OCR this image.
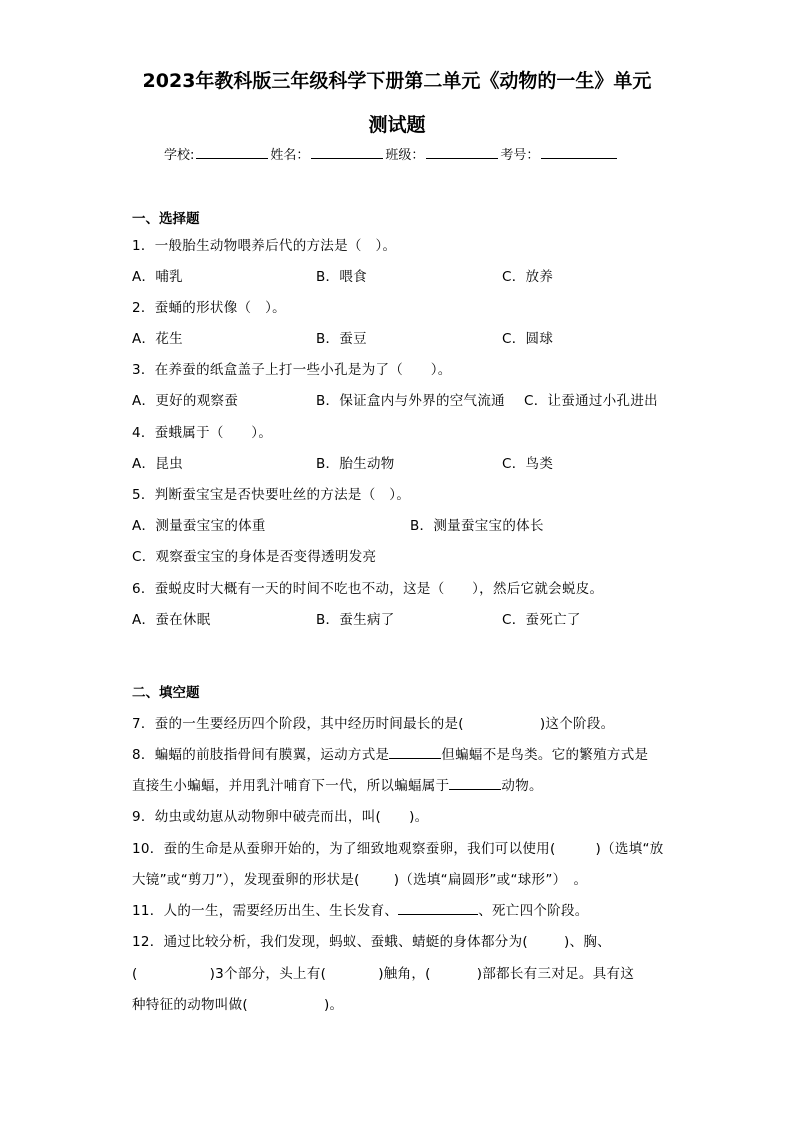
2023年教科版三年级科学下册第二单元《动物的一生》单元
测试题
学校:	姓名：	班级：	考号：
一、选择题
1．一般胎生动物喂养后代的方法是（　）。
A．哺乳	B．喂食	C．放养
2．蚕蛹的形状像（　）。
A．花生	B．蚕豆	C．圆球
3．在养蚕的纸盒盖子上打一些小孔是为了（　　）。
A．更好的观察蚕	B．保证盒内与外界的空气流通 C．让蚕通过小孔进出
4．蚕蛾属于（　　）。
A．昆虫	B．胎生动物	C．鸟类
5．判断蚕宝宝是否快要吐丝的方法是（　）。
A．测量蚕宝宝的体重	B．测量蚕宝宝的体长
C．观察蚕宝宝的身体是否变得透明发亮
6．蚕蜕皮时大概有一天的时间不吃也不动，这是（　　），然后它就会蜕皮。
A．蚕在休眠	B．蚕生病了	C．蚕死亡了
二、填空题
7．蚕的一生要经历四个阶段，其中经历时间最长的是(	)这个阶段。
8．蝙蝠的前肢指骨间有膜翼，运动方式是	但蝙蝠不是鸟类。它的繁殖方式是
直接生小蝙蝠，并用乳汁哺育下一代，所以蝙蝠属于	动物。
9．幼虫或幼崽从动物卵中破壳而出，叫( )。
10．蚕的生命是从蚕卵开始的，为了细致地观察蚕卵，我们可以使用(	)（选填“放
大镜”或“剪刀”），发现蚕卵的形状是(	)（选填“扁圆形”或“球形”）　。
11．人的一生，需要经历出生、生长发育、	、死亡四个阶段。
12．通过比较分析，我们发现，蚂蚁、蚕蛾、蜻蜓的身体都分为(	)、胸、
(	)3个部分，头上有(	)触角，(	)部都长有三对足。具有这
种特征的动物叫做(	)。
